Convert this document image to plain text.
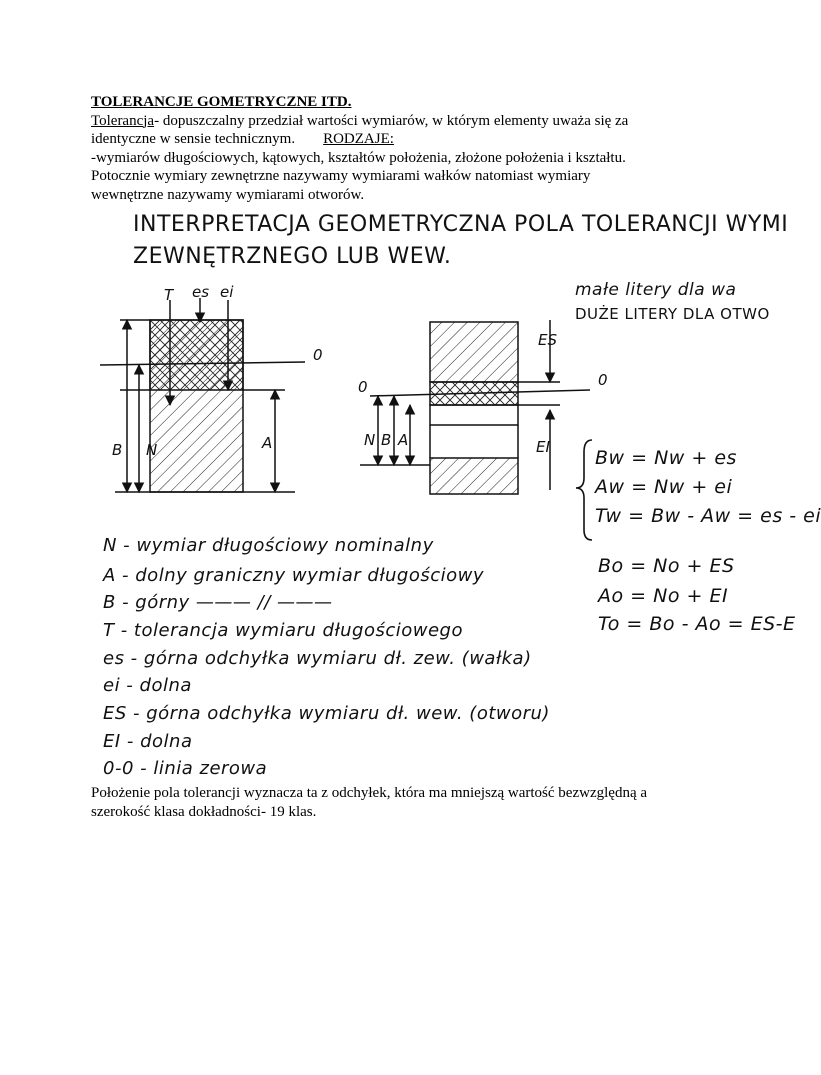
TOLERANCJE GOMETRYCZNE ITD.
Tolerancja- dopuszczalny przedział wartości wymiarów, w którym elementy uważa się za
identyczne w sensie technicznym. RODZAJE:
-wymiarów długościowych, kątowych, kształtów położenia, złożone położenia i kształtu.
Potocznie wymiary zewnętrzne nazywamy wymiarami wałków natomiast wymiary
wewnętrzne nazywamy wymiarami otworów.
T es ei
0
B N	A
0	0
N B A
ES
EI
INTERPRETACJA GEOMETRYCZNA POLA TOLERANCJI WYMI
ZEWNĘTRZNEGO LUB WEW.
małe litery dla wa
DUŻE LITERY DLA OTWO
Bw = Nw + es
Aw = Nw + ei
Tw = Bw - Aw = es - ei
Bo = No + ES
Ao = No + EI
To = Bo - Ao = ES-E
N - wymiar długościowy nominalny
A - dolny graniczny wymiar długościowy
B - górny ——— // ———
T - tolerancja wymiaru długościowego
es - górna odchyłka wymiaru dł. zew. (wałka)
ei - dolna
ES - górna odchyłka wymiaru dł. wew. (otworu)
EI - dolna
0-0 - linia zerowa
Położenie pola tolerancji wyznacza ta z odchyłek, która ma mniejszą wartość bezwzględną a
szerokość klasa dokładności- 19 klas.
